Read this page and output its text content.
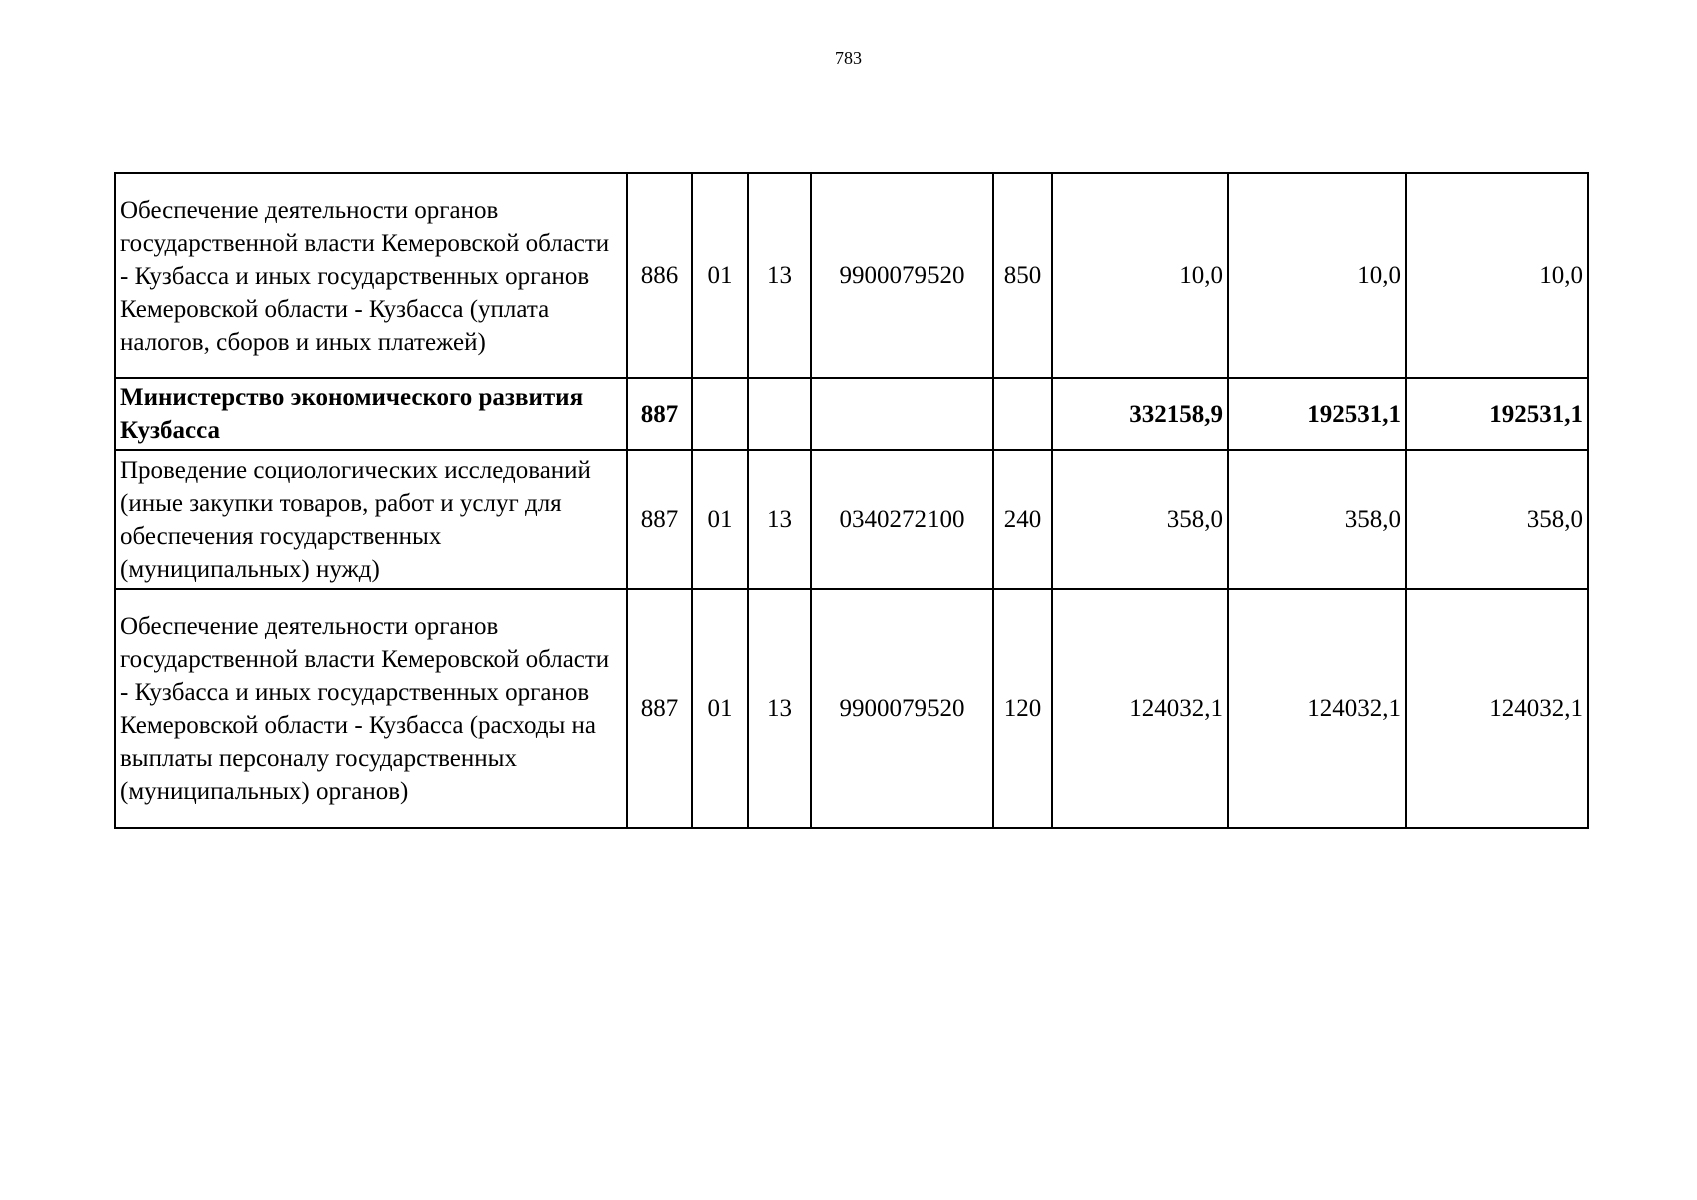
783
Обеспечение деятельности органов государственной власти Кемеровской области - Кузбасса и иных государственных органов Кемеровской области - Кузбасса (уплата налогов, сборов и иных платежей)	886	01	13	9900079520	850	10,0	10,0	10,0
Министерство экономического развития Кузбасса	887					332158,9	192531,1	192531,1
Проведение социологических исследований (иные закупки товаров, работ и услуг для обеспечения государственных (муниципальных) нужд)	887	01	13	0340272100	240	358,0	358,0	358,0
Обеспечение деятельности органов государственной власти Кемеровской области - Кузбасса и иных государственных органов Кемеровской области - Кузбасса (расходы на выплаты персоналу государственных (муниципальных) органов)	887	01	13	9900079520	120	124032,1	124032,1	124032,1
